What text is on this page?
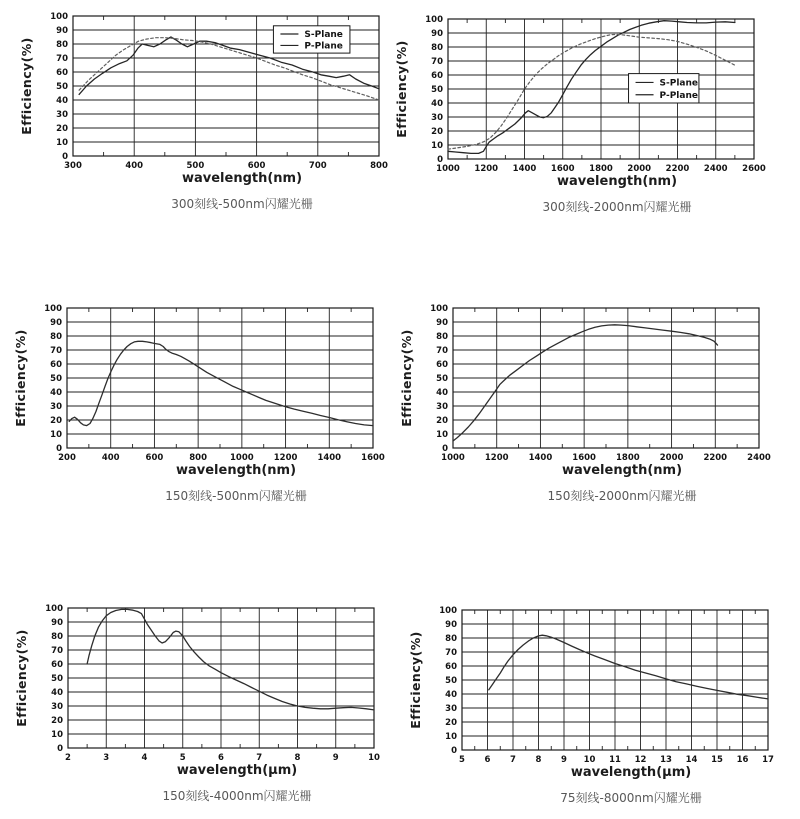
Efficiency(%)
0
10
20
30
40
50
60
70
80
90
100
300	400	500	600	700	800
S-Plane
P-Plane
wavelength(nm)
300刻线-500nm闪耀光栅
Efficiency(%)
0
10
20
30
40
50
60
70
80
90
100
1000 1200 1400 1600 1800 2000 2200 2400 2600
S-Plane
P-Plane
wavelength(nm)
300刻线-2000nm闪耀光栅
Efficiency(%)
0
10
20
30
40
50
60
70
80
90
100
200	400	600	800	1000 1200 1400 1600
wavelength(nm)
150刻线-500nm闪耀光栅
Efficiency(%)
0
10
20
30
40
50
60
70
80
90
100
1000 1200 1400 1600 1800 2000 2200 2400
wavelength(nm)
150刻线-2000nm闪耀光栅
Efficiency(%)
0
10
20
30
40
50
60
70
80
90
100
2	3	4	5	6	7	8	9	10
wavelength(μm)
150刻线-4000nm闪耀光栅
Efficiency(%)
0
10
20
30
40
50
60
70
80
90
100
5 6 7 8 9 10 11 12 13 14 15 16 17
wavelength(μm)
75刻线-8000nm闪耀光栅
